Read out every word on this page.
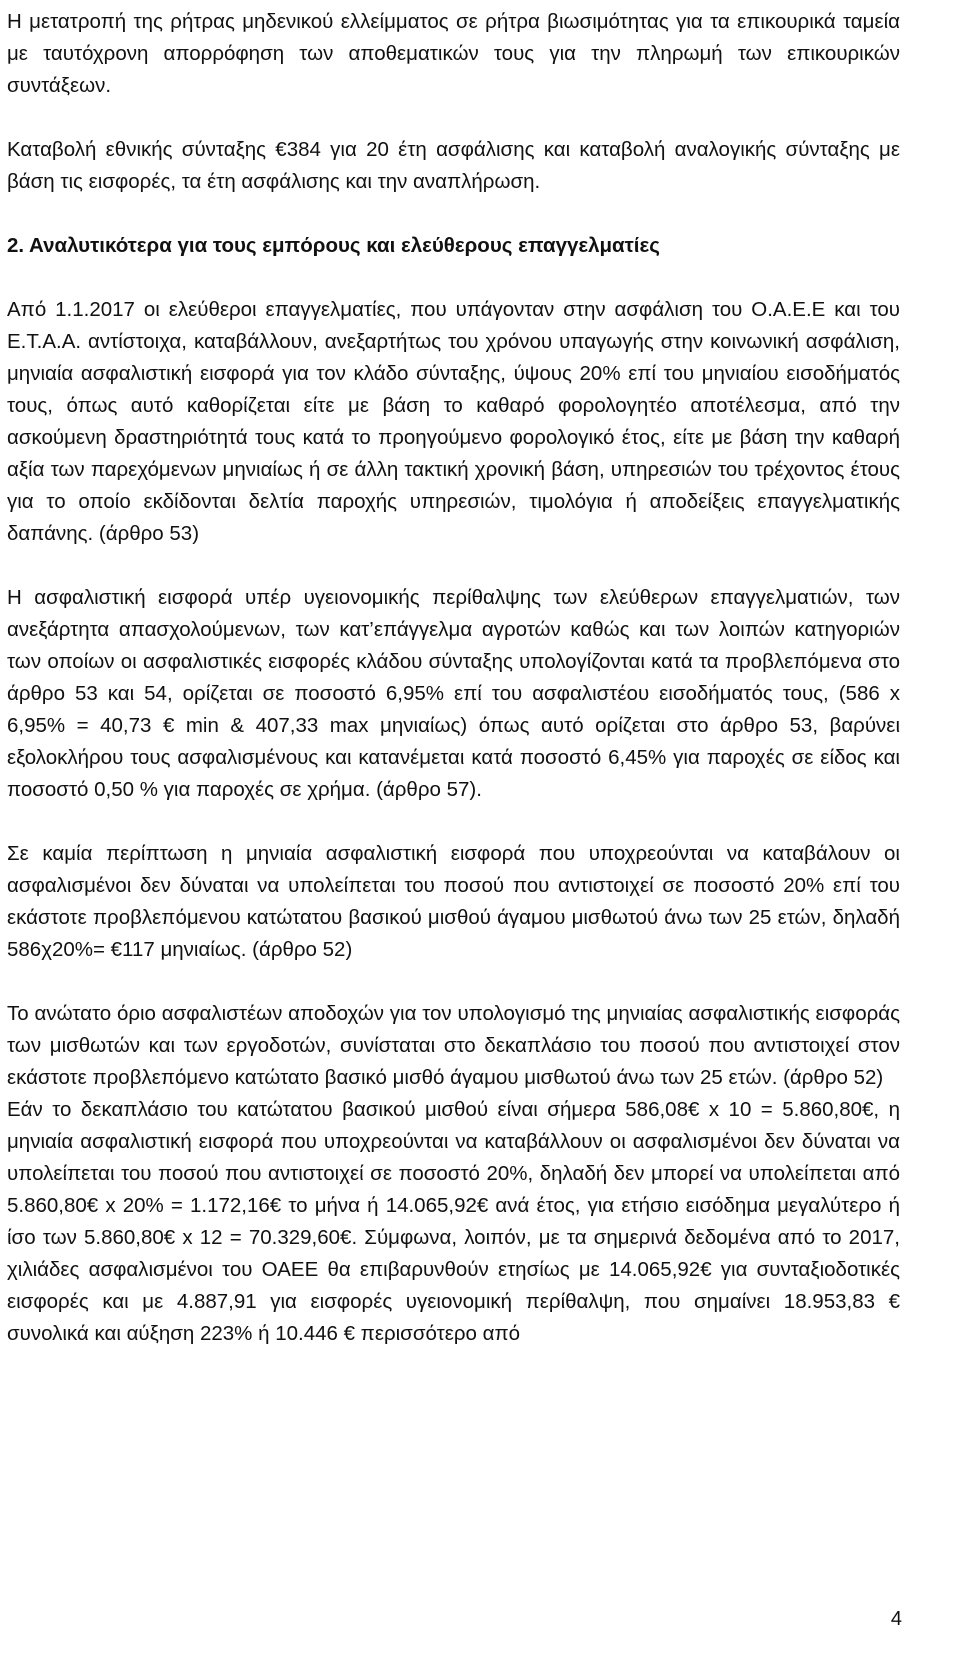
Η μετατροπή της ρήτρας μηδενικού ελλείμματος σε ρήτρα βιωσιμότητας για τα επικουρικά ταμεία με ταυτόχρονη απορρόφηση των αποθεματικών τους για την πληρωμή των επικουρικών συντάξεων.

Καταβολή εθνικής σύνταξης €384 για 20 έτη ασφάλισης και καταβολή αναλογικής σύνταξης με βάση τις εισφορές, τα έτη ασφάλισης και την αναπλήρωση.

2. Αναλυτικότερα για τους εμπόρους και ελεύθερους επαγγελματίες

Από 1.1.2017 οι ελεύθεροι επαγγελματίες, που υπάγονταν στην ασφάλιση του Ο.Α.Ε.Ε και του Ε.Τ.Α.Α. αντίστοιχα, καταβάλλουν, ανεξαρτήτως του χρόνου υπαγωγής στην κοινωνική ασφάλιση, μηνιαία ασφαλιστική εισφορά για τον κλάδο σύνταξης, ύψους 20% επί του μηνιαίου εισοδήματός τους, όπως αυτό καθορίζεται είτε με βάση το καθαρό φορολογητέο αποτέλεσμα, από την ασκούμενη δραστηριότητά τους κατά το προηγούμενο φορολογικό έτος, είτε με βάση την καθαρή αξία των παρεχόμενων μηνιαίως ή σε άλλη τακτική χρονική βάση, υπηρεσιών του τρέχοντος έτους για το οποίο εκδίδονται δελτία παροχής υπηρεσιών, τιμολόγια ή αποδείξεις επαγγελματικής δαπάνης. (άρθρο 53)

Η ασφαλιστική εισφορά υπέρ υγειονομικής περίθαλψης των ελεύθερων επαγγελματιών, των ανεξάρτητα απασχολούμενων, των κατ’επάγγελμα αγροτών καθώς και των λοιπών κατηγοριών των οποίων οι ασφαλιστικές εισφορές κλάδου σύνταξης υπολογίζονται κατά τα προβλεπόμενα στο άρθρο 53 και 54, ορίζεται σε ποσοστό 6,95% επί του ασφαλιστέου εισοδήματός τους, (586 x 6,95% = 40,73 € min & 407,33 max μηνιαίως) όπως αυτό ορίζεται στο άρθρο 53, βαρύνει εξολοκλήρου τους ασφαλισμένους και κατανέμεται κατά ποσοστό 6,45% για παροχές σε είδος και ποσοστό 0,50 % για παροχές σε χρήμα. (άρθρο 57).

Σε καμία περίπτωση η μηνιαία ασφαλιστική εισφορά που υποχρεούνται να καταβάλουν οι ασφαλισμένοι δεν δύναται να υπολείπεται του ποσού που αντιστοιχεί σε ποσοστό 20% επί του εκάστοτε προβλεπόμενου κατώτατου βασικού μισθού άγαμου μισθωτού άνω των 25 ετών, δηλαδή 586χ20%= €117 μηνιαίως. (άρθρο 52)

Το ανώτατο όριο ασφαλιστέων αποδοχών για τον υπολογισμό της μηνιαίας ασφαλιστικής εισφοράς των μισθωτών και των εργοδοτών, συνίσταται στο δεκαπλάσιο του ποσού που αντιστοιχεί στον εκάστοτε προβλεπόμενο κατώτατο βασικό μισθό άγαμου μισθωτού άνω των 25 ετών. (άρθρο 52)

Εάν το δεκαπλάσιο του κατώτατου βασικού μισθού είναι σήμερα 586,08€ x 10 = 5.860,80€, η μηνιαία ασφαλιστική εισφορά που υποχρεούνται να καταβάλλουν οι ασφαλισμένοι δεν δύναται να υπολείπεται του ποσού που αντιστοιχεί σε ποσοστό 20%, δηλαδή δεν μπορεί να υπολείπεται από 5.860,80€ x 20% = 1.172,16€ το μήνα ή 14.065,92€ ανά έτος, για ετήσιο εισόδημα μεγαλύτερο ή ίσο των 5.860,80€ x 12 = 70.329,60€. Σύμφωνα, λοιπόν, με τα σημερινά δεδομένα από το 2017, χιλιάδες ασφαλισμένοι του ΟΑΕΕ θα επιβαρυνθούν ετησίως με 14.065,92€ για συνταξιοδοτικές εισφορές και με 4.887,91 για εισφορές υγειονομική περίθαλψη, που σημαίνει 18.953,83 € συνολικά και αύξηση 223% ή 10.446 € περισσότερο από

4
